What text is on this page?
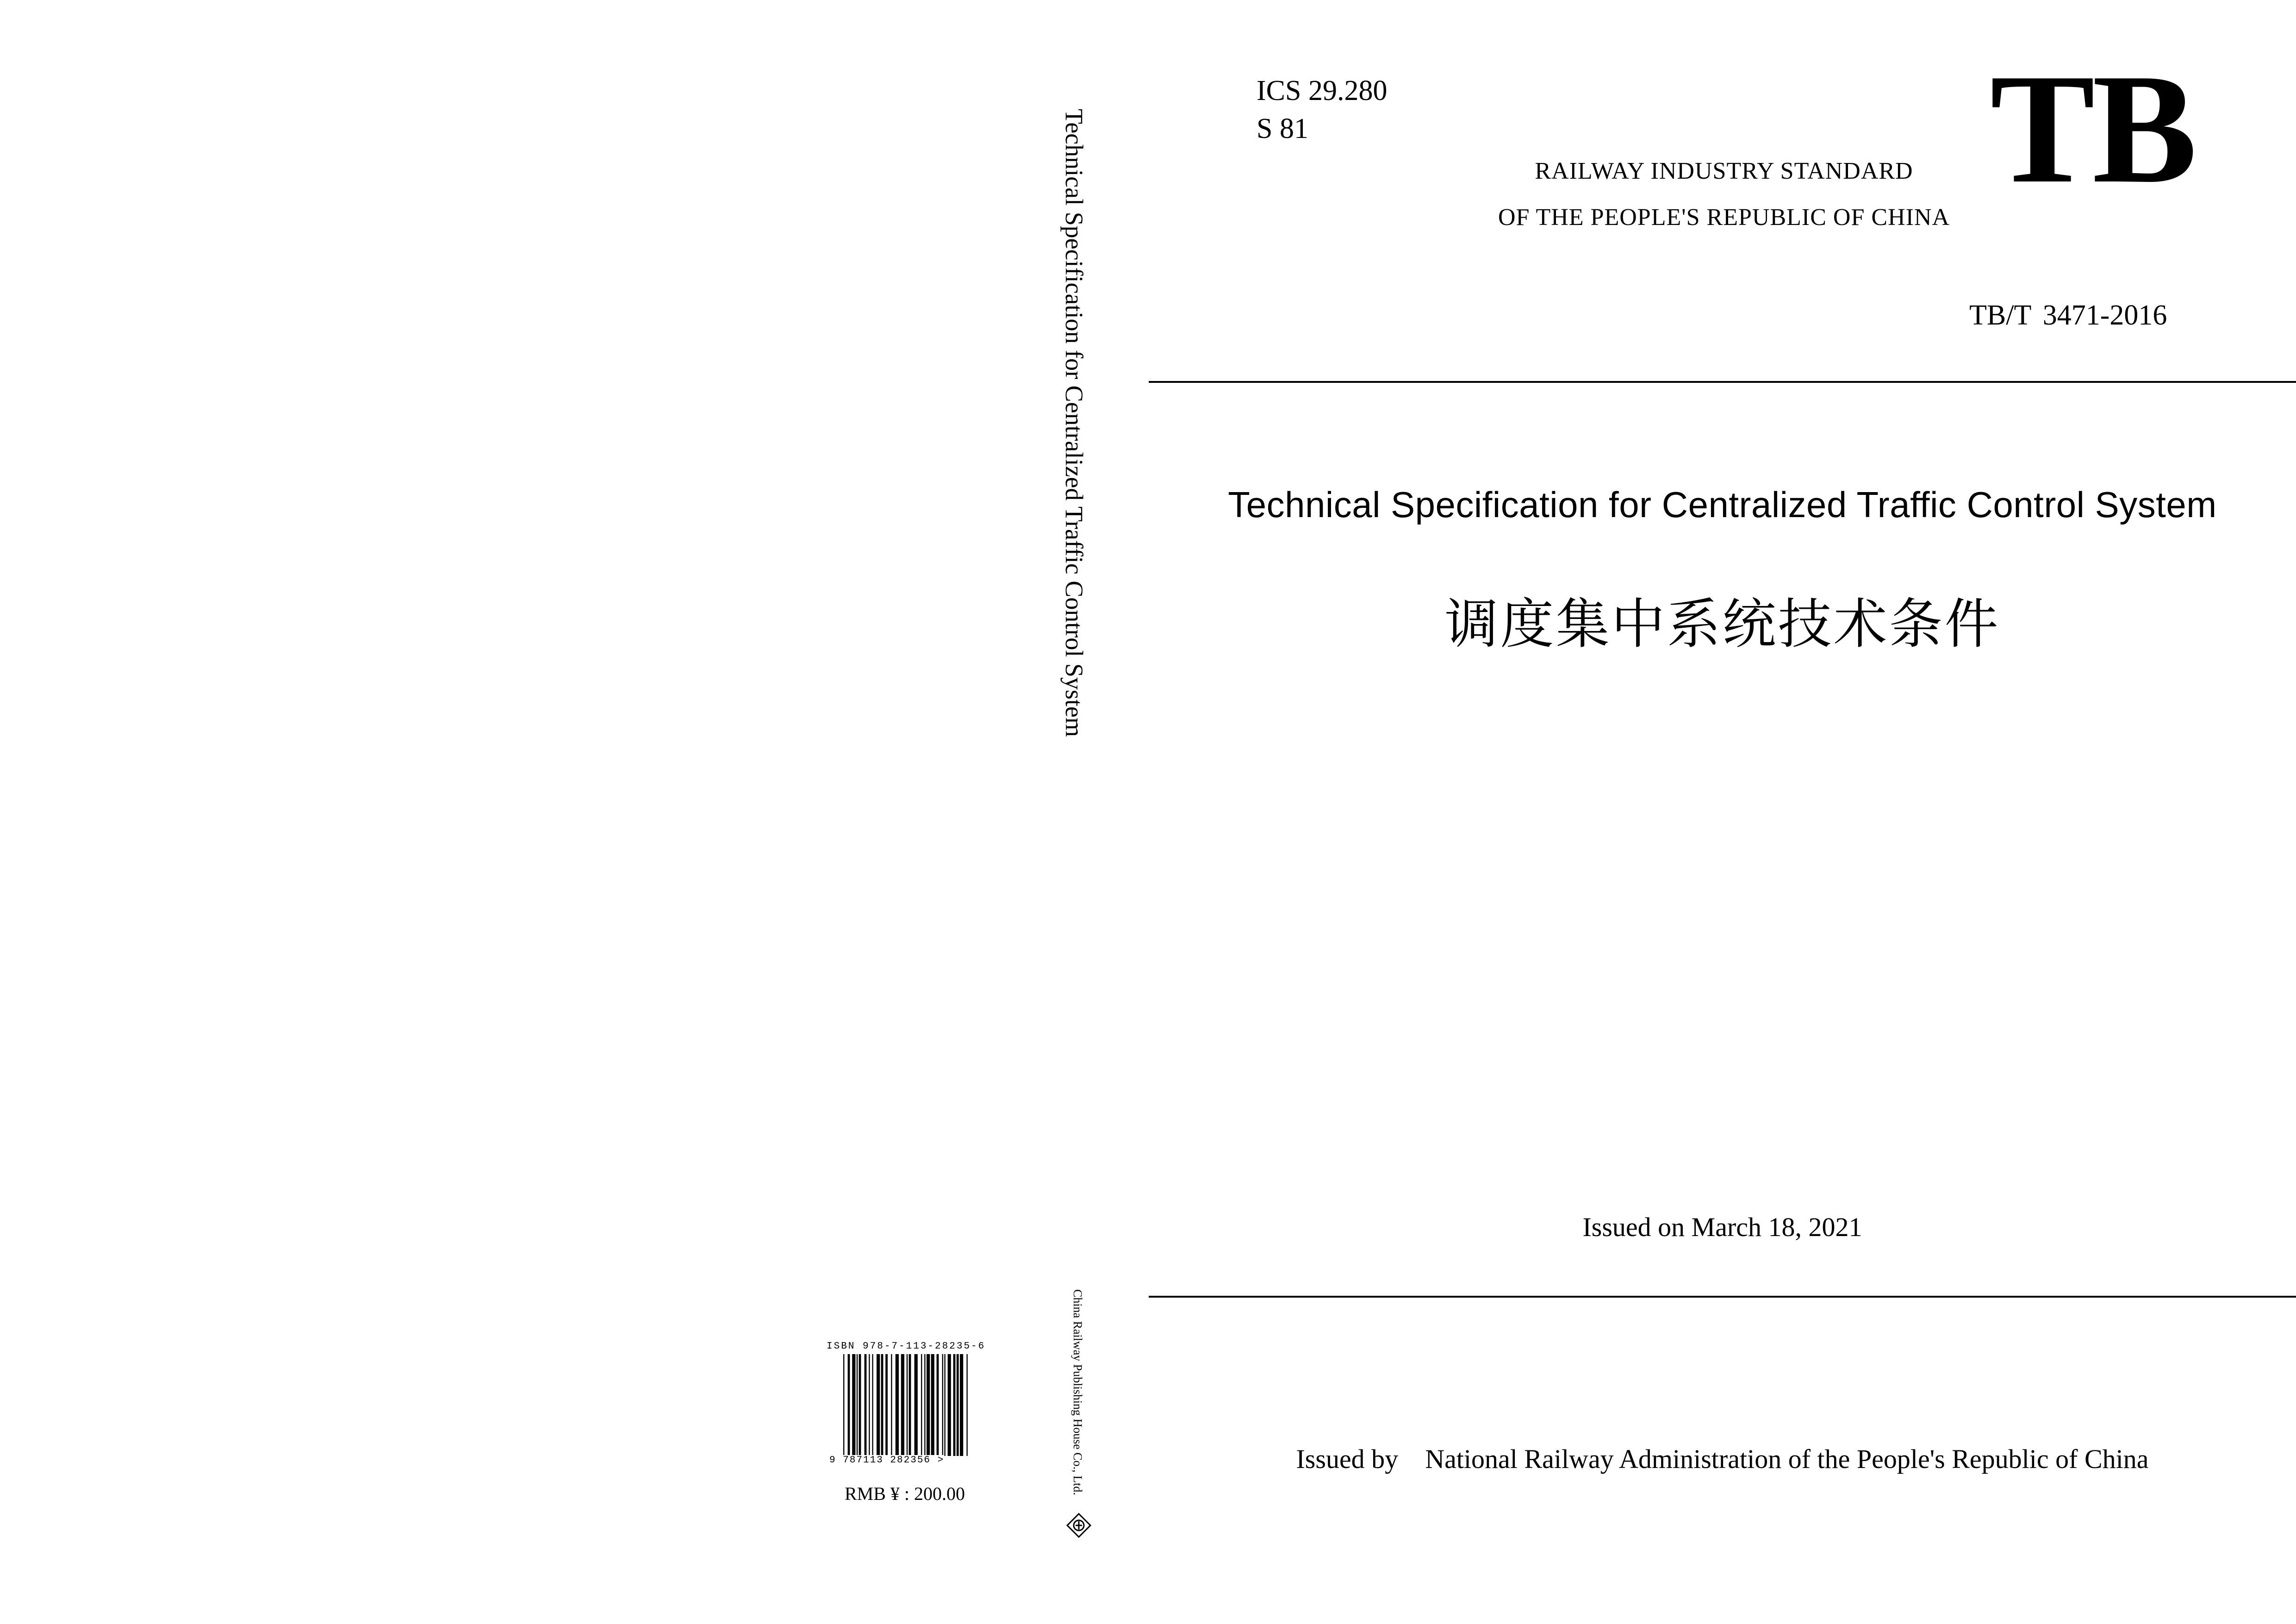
ICS 29.280
S 81	TB
RAILWAY INDUSTRY STANDARD
OF THE PEOPLE'S REPUBLIC OF CHINA
TB/T 3471-2016
Technical Specification for Centralized Traffic Control System
调度集中系统技术条件
Issued on March 18, 2021
Issued by National Railway Administration of the People's Republic of China
Technical Specification for Centralized Traffic Control System
China Railway Publishing House Co., Ltd.
ISBN 978-7-113-28235-6
9 787113 282356 >
RMB ¥ : 200.00
